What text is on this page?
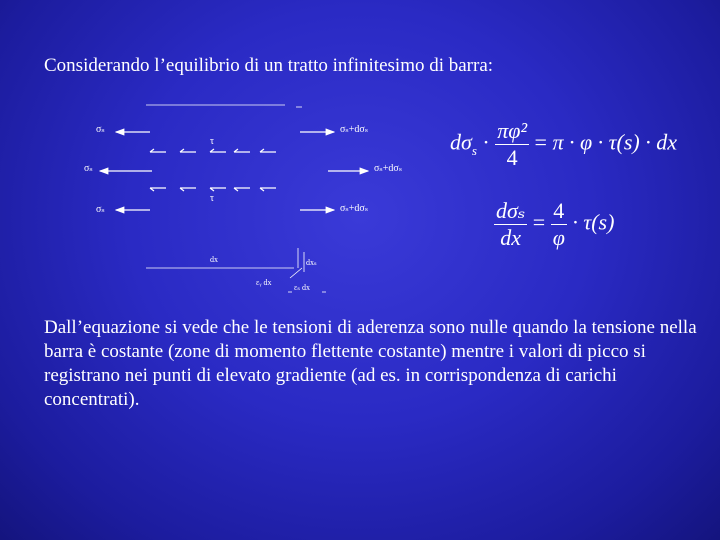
Considerando l’equilibrio di un tratto infinitesimo di barra:
σₛ
σₛ
σₛ
σₛ+dσₛ
σₛ+dσₛ
σₛ+dσₛ
τ
τ
dx	dxₛ
εᵧ dx
εₛ dx
$d\sigma_s \cdot \frac{\text{πφ²}}{4} = \pi \cdot \varphi \cdot \tau(s)$ · dx
$\frac{\text{dσₛ}}{dx} = \frac{4}{\varphi} \cdot \tau(s)$
Dall’equazione si vede che le tensioni di aderenza sono nulle quando la tensione nella barra è costante (zone di momento flettente costante) mentre i valori di picco si registrano nei punti di elevato gradiente (ad es. in corrispondenza di carichi concentrati).
